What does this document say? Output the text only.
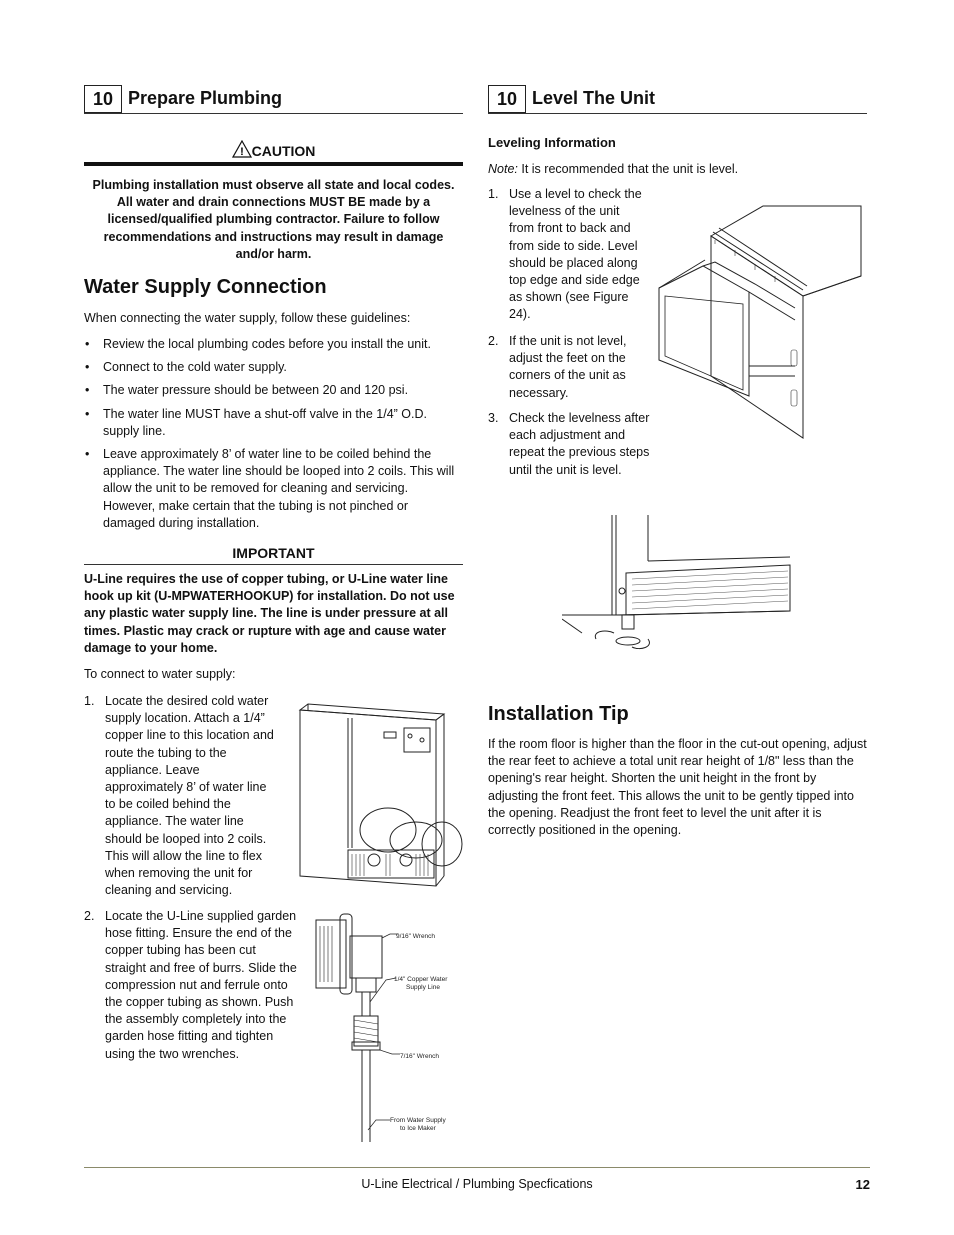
10 Prepare Plumbing
! CAUTION
Plumbing installation must observe all state and local codes. All water and drain connections MUST BE made by a licensed/qualified plumbing contractor. Failure to follow recommendations and instructions may result in damage and/or harm.
Water Supply Connection
When connecting the water supply, follow these guidelines:
• Review the local plumbing codes before you install the unit.
• Connect to the cold water supply.
• The water pressure should be between 20 and 120 psi.
• The water line MUST have a shut-off valve in the 1/4” O.D. supply line.
• Leave approximately 8’ of water line to be coiled behind the appliance. The water line should be looped into 2 coils. This will allow the unit to be removed for cleaning and servicing. However, make certain that the tubing is not pinched or damaged during installation.
IMPORTANT
U-Line requires the use of copper tubing, or U-Line water line hook up kit (U-MPWATERHOOKUP) for installation. Do not use any plastic water supply line. The line is under pressure at all times. Plastic may crack or rupture with age and cause water damage to your home.
To connect to water supply:
1. Locate the desired cold water supply location. Attach a 1/4” copper line to this location and route the tubing to the appliance. Leave approximately 8’ of water line to be coiled behind the appliance. The water line should be looped into 2 coils. This will allow the line to flex when removing the unit for cleaning and servicing.
2. Locate the U-Line supplied garden hose fitting. Ensure the end of the copper tubing has been cut straight and free of burrs. Slide the compression nut and ferrule onto the copper tubing as shown. Push the assembly completely into the garden hose fitting and tighten using the two wrenches.
9/16" Wrench
1/4" Copper Water
Supply Line
7/16" Wrench
From Water Supply
to Ice Maker
10 Level The Unit
Leveling Information
Note: It is recommended that the unit is level.
1. Use a level to check the levelness of the unit from front to back and from side to side. Level should be placed along top edge and side edge as shown (see Figure 24).
2. If the unit is not level, adjust the feet on the corners of the unit as necessary.
3. Check the levelness after each adjustment and repeat the previous steps until the unit is level.
Installation Tip
If the room floor is higher than the floor in the cut-out opening, adjust the rear feet to achieve a total unit rear height of 1/8" less than the opening's rear height. Shorten the unit height in the front by adjusting the front feet. This allows the unit to be gently tipped into the opening. Readjust the front feet to level the unit after it is correctly positioned in the opening.
U-Line Electrical / Plumbing Specfications	12
